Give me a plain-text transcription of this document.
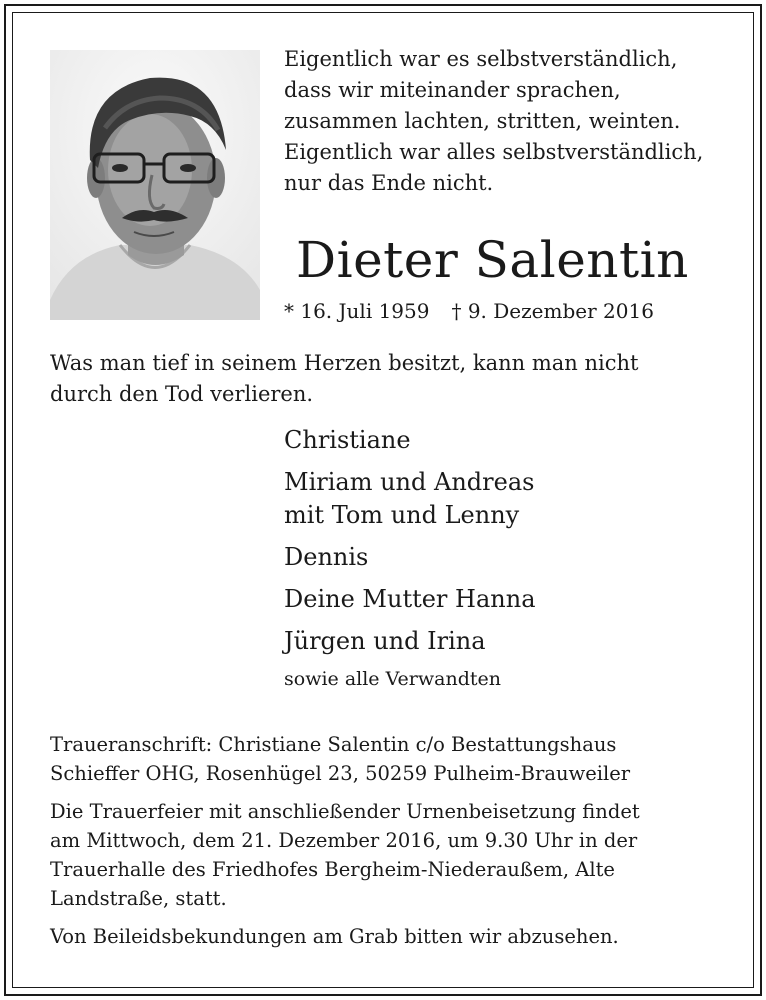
Eigentlich war es selbstverständlich,
dass wir miteinander sprachen,
zusammen lachten, stritten, weinten.
Eigentlich war alles selbstverständlich,
nur das Ende nicht.
Dieter Salentin
* 16. Juli 1959 † 9. Dezember 2016
Was man tief in seinem Herzen besitzt, kann man nicht
durch den Tod verlieren.
Christiane
Miriam und Andreas
mit Tom und Lenny
Dennis
Deine Mutter Hanna
Jürgen und Irina
sowie alle Verwandten
Traueranschrift: Christiane Salentin c/o Bestattungshaus
Schieffer OHG, Rosenhügel 23, 50259 Pulheim-Brauweiler
Die Trauerfeier mit anschließender Urnenbeisetzung findet
am Mittwoch, dem 21. Dezember 2016, um 9.30 Uhr in der
Trauerhalle des Friedhofes Bergheim-Niederaußem, Alte
Landstraße, statt.
Von Beileidsbekundungen am Grab bitten wir abzusehen.
